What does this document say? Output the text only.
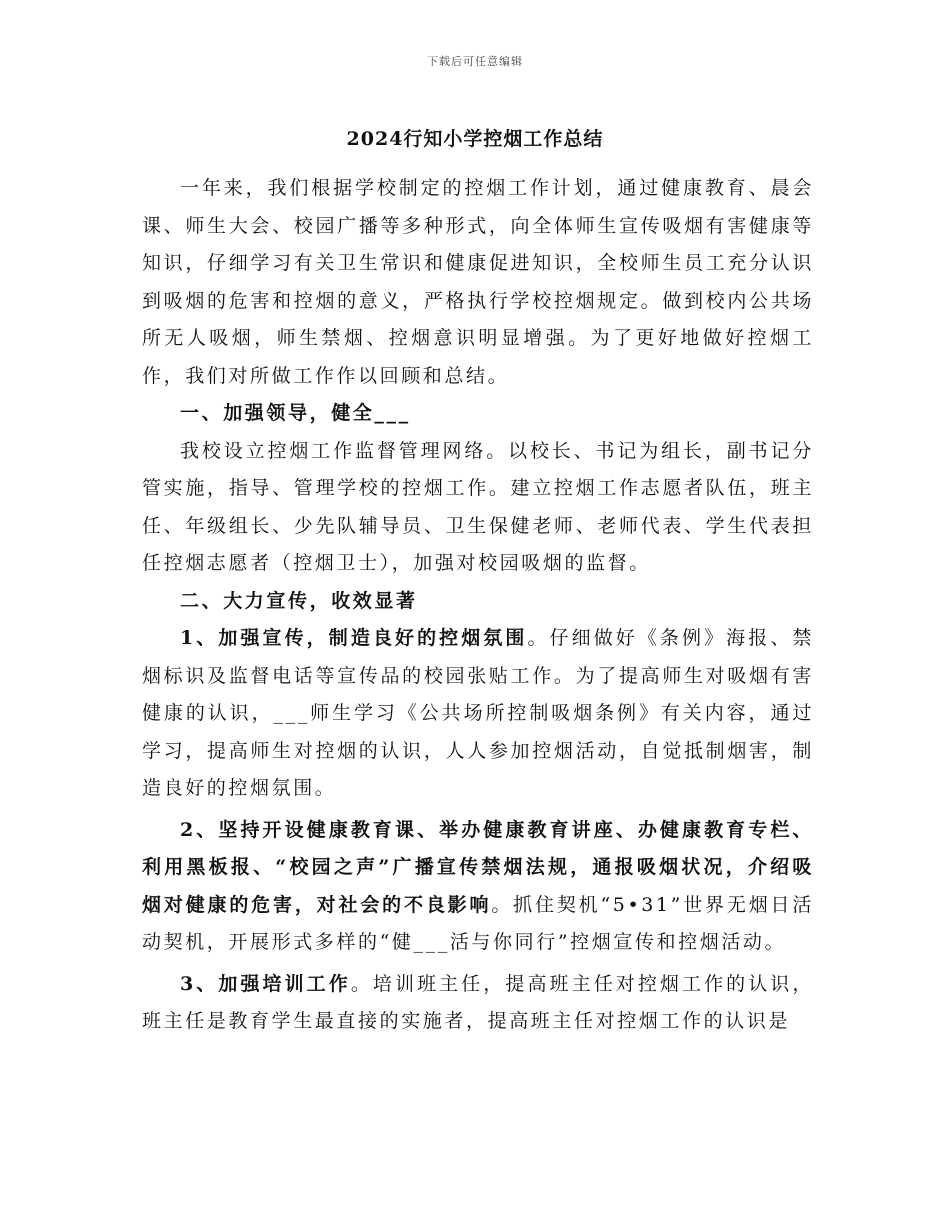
下载后可任意编辑
2024行知小学控烟工作总结

一年来，我们根据学校制定的控烟工作计划，通过健康教育、晨会课、师生大会、校园广播等多种形式，向全体师生宣传吸烟有害健康等知识，仔细学习有关卫生常识和健康促进知识，全校师生员工充分认识到吸烟的危害和控烟的意义，严格执行学校控烟规定。做到校内公共场所无人吸烟，师生禁烟、控烟意识明显增强。为了更好地做好控烟工作，我们对所做工作作以回顾和总结。

一、加强领导，健全___

我校设立控烟工作监督管理网络。以校长、书记为组长，副书记分管实施，指导、管理学校的控烟工作。建立控烟工作志愿者队伍，班主任、年级组长、少先队辅导员、卫生保健老师、老师代表、学生代表担任控烟志愿者（控烟卫士），加强对校园吸烟的监督。

二、大力宣传，收效显著

1、加强宣传，制造良好的控烟氛围。仔细做好《条例》海报、禁烟标识及监督电话等宣传品的校园张贴工作。为了提高师生对吸烟有害健康的认识，___师生学习《公共场所控制吸烟条例》有关内容，通过学习，提高师生对控烟的认识，人人参加控烟活动，自觉抵制烟害，制造良好的控烟氛围。

2、坚持开设健康教育课、举办健康教育讲座、办健康教育专栏、利用黑板报、“校园之声”广播宣传禁烟法规，通报吸烟状况，介绍吸烟对健康的危害，对社会的不良影响。抓住契机“5•31”世界无烟日活动契机，开展形式多样的“健___活与你同行”控烟宣传和控烟活动。

3、加强培训工作。培训班主任，提高班主任对控烟工作的认识，班主任是教育学生最直接的实施者，提高班主任对控烟工作的认识是
